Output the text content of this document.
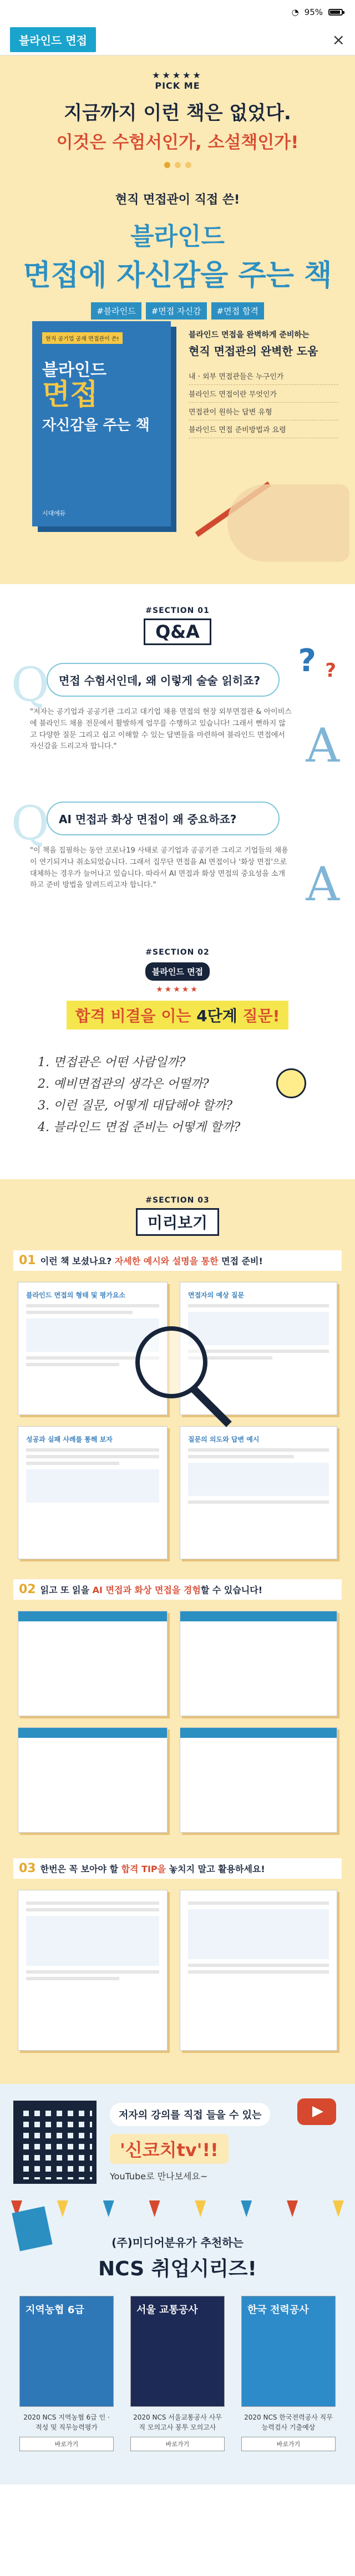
◔ 95%
블라인드 면접	×
★★★★★
PICK ME
지금까지 이런 책은 없었다.
이것은 수험서인가, 소설책인가!
현직 면접관이 직접 쓴!
블라인드
면접에 자신감을 주는 책
#블라인드	#면접 자신감	#면접 합격
현직 공기업 공채 면접관이 쓴!
블라인드
면접
자신감을 주는 책
시대에듀
블라인드 면접을 완벽하게 준비하는
현직 면접관의 완벽한 도움
내 · 외부 면접관들은 누구인가
블라인드 면접이란 무엇인가
면접관이 원하는 답변 유형
블라인드 면접 준비방법과 요령
#SECTION 01
Q&A
? ?
Q 면접 수험서인데, 왜 이렇게 술술 읽히죠?

"저자는 공기업과 공공기관 그리고 대기업 채용 면접의 현장 외부면접관 & 아이비스에 블라인드 채용 전문에서 활발하게 업무를 수행하고 있습니다! 그래서 뻔하지 않고 다양한 질문 그리고 쉽고 이해할 수 있는 답변들을 마련하여 블라인드 면접에서 자신감을 드리고자 합니다."	A
Q AI 면접과 화상 면접이 왜 중요하죠?

"이 책을 집필하는 동안 코로나19 사태로 공기업과 공공기관 그리고 기업들의 채용이 연기되거나 취소되었습니다. 그래서 집무단 면접을 AI 면접이나 '화상 면접'으로 대체하는 경우가 늘어나고 있습니다. 따라서 AI 면접과 화상 면접의 중요성을 소개하고 준비 방법을 알려드리고자 합니다."	A
#SECTION 02
블라인드 면접
★★★★★
합격 비결을 이는 4단계 질문!
1. 면접관은 어떤 사람일까?
2. 예비면접관의 생각은 어떨까?
3. 이런 질문, 어떻게 대답해야 할까?
4. 블라인드 면접 준비는 어떻게 할까?
#SECTION 03
미리보기
01 이런 책 보셨나요? 자세한 예시와 설명을 통한 면접 준비!
블라인드 면접의 형태 및 평가요소	면접자의 예상 질문
성공과 실패 사례를 통해 보자	질문의 의도와 답변 예시
02 읽고 또 읽을 AI 면접과 화상 면접을 경험할 수 있습니다!
03 한번은 꼭 보아야 할 합격 TIP을 놓치지 말고 활용하세요!
저자의 강의를 직접 들을 수 있는
'신코치tv'!!
YouTube로 만나보세요~
(주)미디어분유가 추천하는
NCS 취업시리즈!
지역농협 6급
2020 NCS 지역농협 6급 인 · 적성 및 직무능력평가
바로가기
서울 교통공사
2020 NCS 서울교통공사 사무직 모의고사 봉투 모의고사
바로가기
한국 전력공사
2020 NCS 한국전력공사 직무능력검사 기출예상
바로가기
